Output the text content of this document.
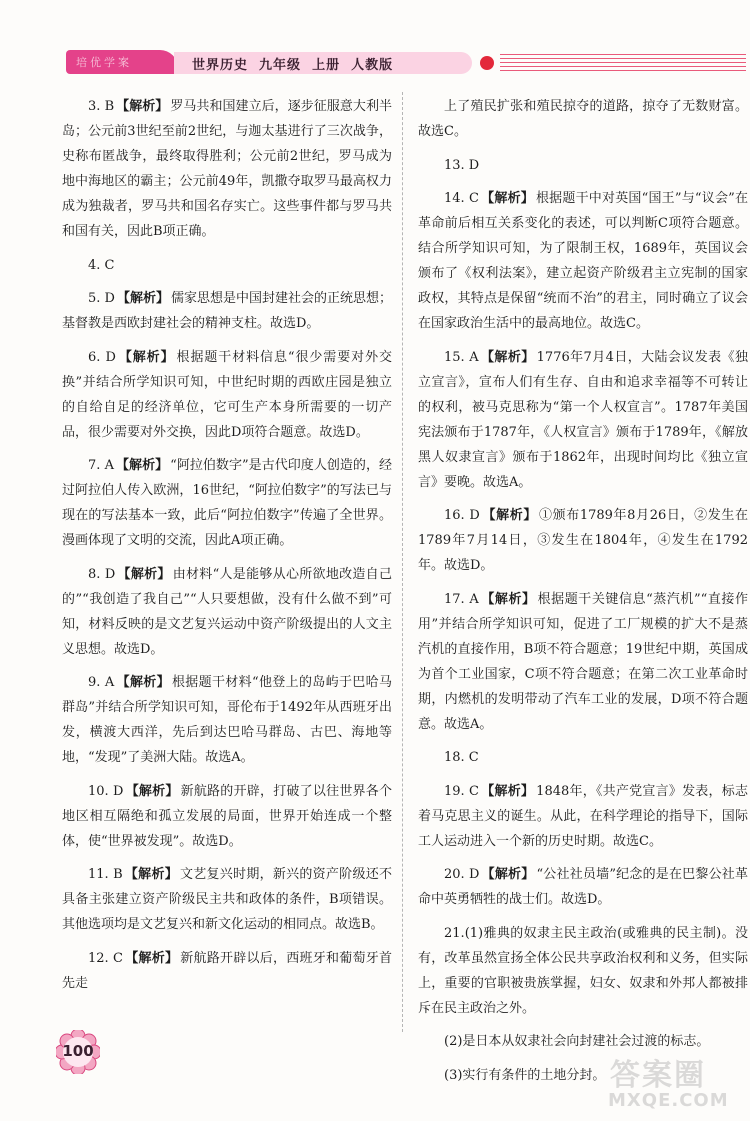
培优学案	世界历史  九年级  上册  人教版

3. B 【解析】 罗马共和国建立后，逐步征服意大利半岛；公元前3世纪至前2世纪，与迦太基进行了三次战争，史称布匿战争，最终取得胜利；公元前2世纪，罗马成为地中海地区的霸主；公元前49年，凯撒夺取罗马最高权力成为独裁者，罗马共和国名存实亡。这些事件都与罗马共和国有关，因此B项正确。

4. C

5. D 【解析】 儒家思想是中国封建社会的正统思想；基督教是西欧封建社会的精神支柱。故选D。

6. D 【解析】 根据题干材料信息“很少需要对外交换”并结合所学知识可知，中世纪时期的西欧庄园是独立的自给自足的经济单位，它可生产本身所需要的一切产品，很少需要对外交换，因此D项符合题意。故选D。

7. A 【解析】 “阿拉伯数字”是古代印度人创造的，经过阿拉伯人传入欧洲，16世纪，“阿拉伯数字”的写法已与现在的写法基本一致，此后“阿拉伯数字”传遍了全世界。漫画体现了文明的交流，因此A项正确。

8. D 【解析】 由材料“人是能够从心所欲地改造自己的”“我创造了我自己”“人只要想做，没有什么做不到”可知，材料反映的是文艺复兴运动中资产阶级提出的人文主义思想。故选D。

9. A 【解析】 根据题干材料“他登上的岛屿于巴哈马群岛”并结合所学知识可知，哥伦布于1492年从西班牙出发，横渡大西洋，先后到达巴哈马群岛、古巴、海地等地，“发现”了美洲大陆。故选A。

10. D 【解析】 新航路的开辟，打破了以往世界各个地区相互隔绝和孤立发展的局面，世界开始连成一个整体，使“世界被发现”。故选D。

11. B 【解析】 文艺复兴时期，新兴的资产阶级还不具备主张建立资产阶级民主共和政体的条件，B项错误。其他选项均是文艺复兴和新文化运动的相同点。故选B。

12. C 【解析】 新航路开辟以后，西班牙和葡萄牙首先走

上了殖民扩张和殖民掠夺的道路，掠夺了无数财富。故选C。

13. D

14. C 【解析】 根据题干中对英国“国王”与“议会”在革命前后相互关系变化的表述，可以判断C项符合题意。结合所学知识可知，为了限制王权，1689年，英国议会颁布了《权利法案》，建立起资产阶级君主立宪制的国家政权，其特点是保留“统而不治”的君主，同时确立了议会在国家政治生活中的最高地位。故选C。

15. A 【解析】 1776年7月4日，大陆会议发表《独立宣言》，宣布人们有生存、自由和追求幸福等不可转让的权利，被马克思称为“第一个人权宣言”。1787年美国宪法颁布于1787年，《人权宣言》颁布于1789年，《解放黑人奴隶宣言》颁布于1862年，出现时间均比《独立宣言》要晚。故选A。

16. D 【解析】 ①颁布1789年8月26日，②发生在1789年7月14日，③发生在1804年，④发生在1792年。故选D。

17. A 【解析】 根据题干关键信息“蒸汽机”“直接作用”并结合所学知识可知，促进了工厂规模的扩大不是蒸汽机的直接作用，B项不符合题意；19世纪中期，英国成为首个工业国家，C项不符合题意；在第二次工业革命时期，内燃机的发明带动了汽车工业的发展，D项不符合题意。故选A。

18. C

19. C 【解析】 1848年，《共产党宣言》发表，标志着马克思主义的诞生。从此，在科学理论的指导下，国际工人运动进入一个新的历史时期。故选C。

20. D 【解析】 “公社社员墙”纪念的是在巴黎公社革命中英勇牺牲的战士们。故选D。

21.(1)雅典的奴隶主民主政治(或雅典的民主制)。没有，改革虽然宣扬全体公民共享政治权利和义务，但实际上，重要的官职被贵族掌握，妇女、奴隶和外邦人都被排斥在民主政治之外。

(2)是日本从奴隶社会向封建社会过渡的标志。

(3)实行有条件的土地分封。

100
答案圈
MXQE.COM
